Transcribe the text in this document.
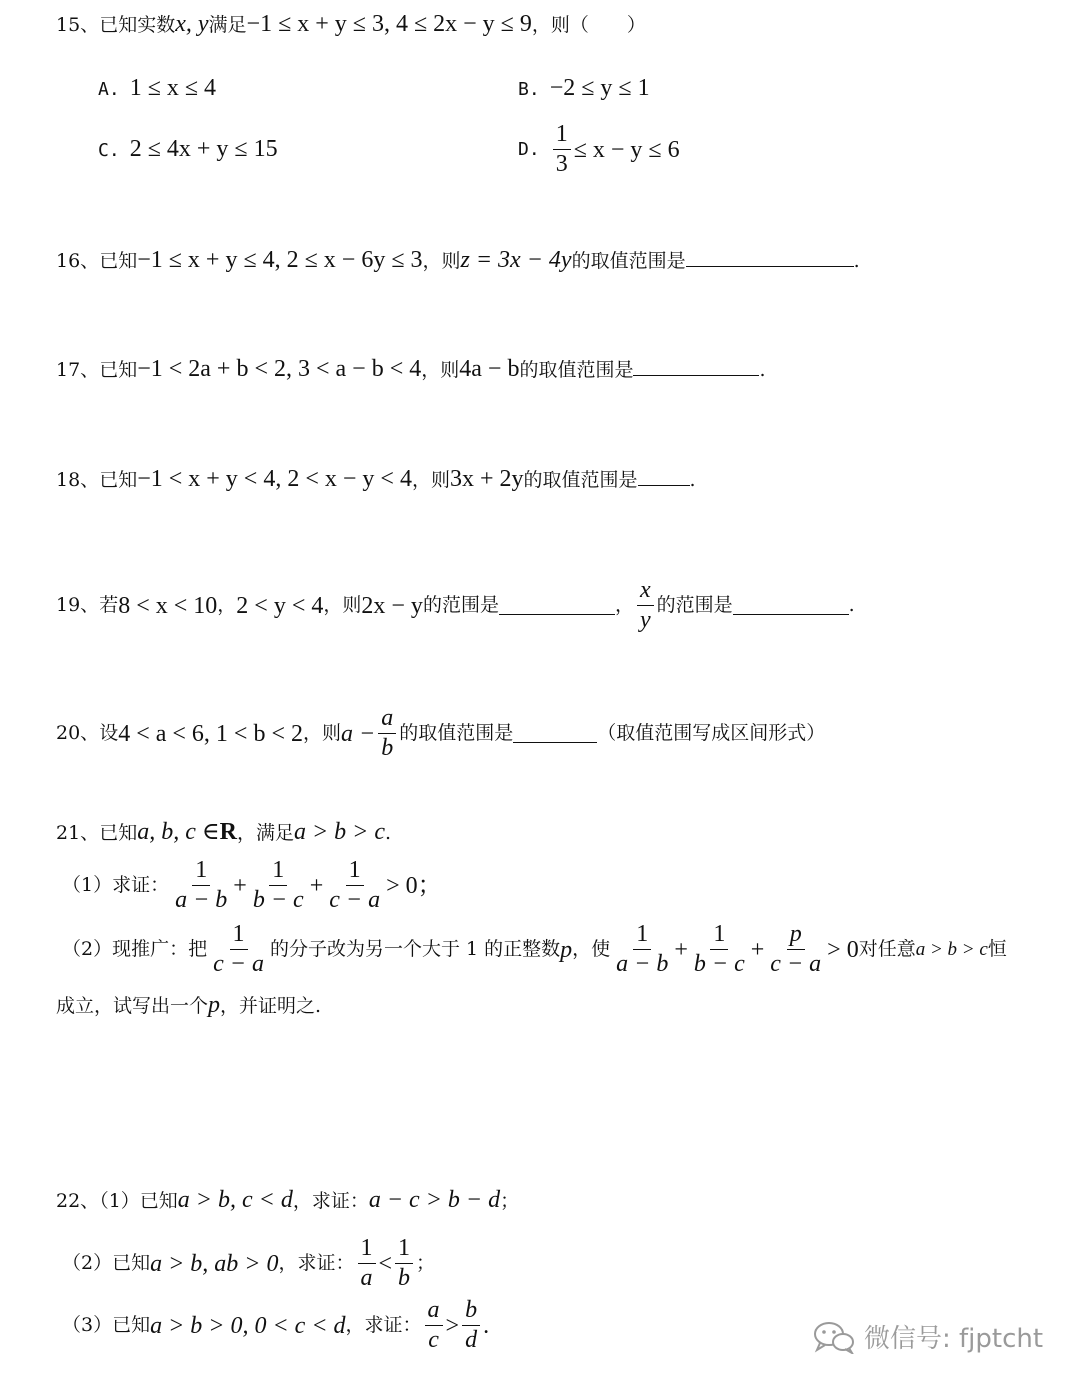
15、已知实数x, y满足−1 ≤ x + y ≤ 3, 4 ≤ 2x − y ≤ 9，则（　　）
A. 1 ≤ x ≤ 4	B. −2 ≤ y ≤ 1
C. 2 ≤ 4x + y ≤ 15	D. $\frac{1}{3} \le x - y \le 6$
16、已知−1 ≤ x + y ≤ 4, 2 ≤ x − 6y ≤ 3，则z = 3x − 4y的取值范围是	.
17、已知−1 < 2a + b < 2, 3 < a − b < 4，则4a − b的取值范围是	.
18、已知−1 < x + y < 4, 2 < x − y < 4，则3x + 2y的取值范围是	.
19、 若 8 < x < 10 ， 2 < y < 4 ，则 2x − y 的范围是	， $\frac{x}{y}$ 的范围是	.
20、 设 4 < a < 6, 1 < b < 2 ，则 $a - \frac{a}{b}$ 的取值范围是	（取值范围写成区间形式）
21、已知a, b, c ∈R，满足a > b > c.
（1）求证： $\frac{1}{a - b} + \frac{1}{b - c} + \frac{1}{c - a} > 0$；
（2）现推广：把 $\frac{1}{c - a}$ 的分子改为另一个大于 1 的正整数 p ，使 $\frac{1}{a - b} + \frac{1}{b - c} + \frac{p}{c - a} > 0$ 对任意 a > b > c 恒
成立，试写出一个p，并证明之.
22、（1）已知a > b, c < d，求证：a − c > b − d；
（2）已知 a > b, ab > 0 ，求证： $\frac{1}{a} < \frac{1}{b}$ ；
（3）已知 a > b > 0, 0 < c < d ，求证： $\frac{a}{c} > \frac{b}{d}$ .	微信号: fjptcht
